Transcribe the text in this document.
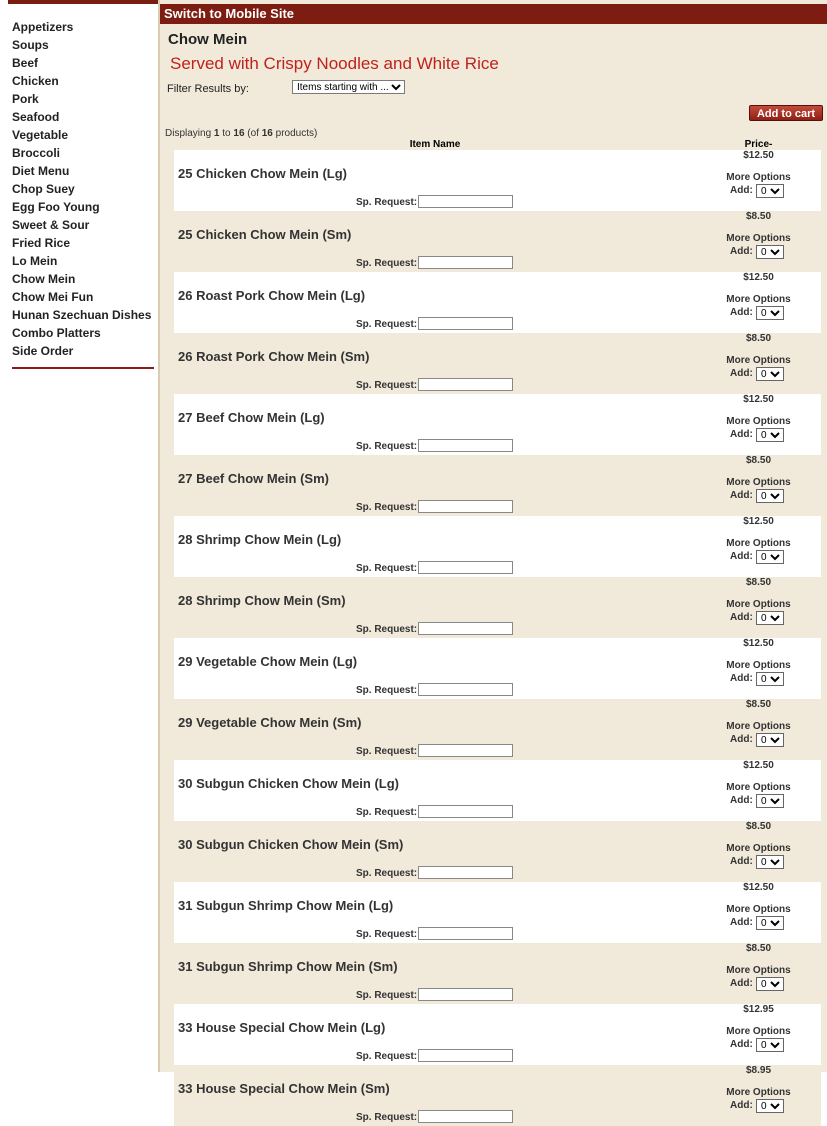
Appetizers
Soups
Beef
Chicken
Pork
Seafood
Vegetable
Broccoli
Diet Menu
Chop Suey
Egg Foo Young
Sweet & Sour
Fried Rice
Lo Mein
Chow Mein
Chow Mei Fun
Hunan Szechuan Dishes
Combo Platters
Side Order
Switch to Mobile Site
Chow Mein
Served with Crispy Noodles and White Rice
Filter Results by:
Items starting with ...
Add to cart
Displaying 1 to 16 (of 16 products)
Item Name	Price-
$12.50
25 Chicken Chow Mein (Lg)	More Options
Add:
0
Sp. Request:
$8.50
25 Chicken Chow Mein (Sm)	More Options
Add:
0
Sp. Request:
$12.50
26 Roast Pork Chow Mein (Lg)	More Options
Add:
0
Sp. Request:
$8.50
26 Roast Pork Chow Mein (Sm)	More Options
Add:
0
Sp. Request:
$12.50
27 Beef Chow Mein (Lg)	More Options
Add:
0
Sp. Request:
$8.50
27 Beef Chow Mein (Sm)	More Options
Add:
0
Sp. Request:
$12.50
28 Shrimp Chow Mein (Lg)	More Options
Add:
0
Sp. Request:
$8.50
28 Shrimp Chow Mein (Sm)	More Options
Add:
0
Sp. Request:
$12.50
29 Vegetable Chow Mein (Lg)	More Options
Add:
0
Sp. Request:
$8.50
29 Vegetable Chow Mein (Sm)	More Options
Add:
0
Sp. Request:
$12.50
30 Subgun Chicken Chow Mein (Lg)	More Options
Add:
0
Sp. Request:
$8.50
30 Subgun Chicken Chow Mein (Sm)	More Options
Add:
0
Sp. Request:
$12.50
31 Subgun Shrimp Chow Mein (Lg)	More Options
Add:
0
Sp. Request:
$8.50
31 Subgun Shrimp Chow Mein (Sm)	More Options
Add:
0
Sp. Request:
$12.95
33 House Special Chow Mein (Lg)	More Options
Add:
0
Sp. Request:
$8.95
33 House Special Chow Mein (Sm)	More Options
Add:
0
Sp. Request:
